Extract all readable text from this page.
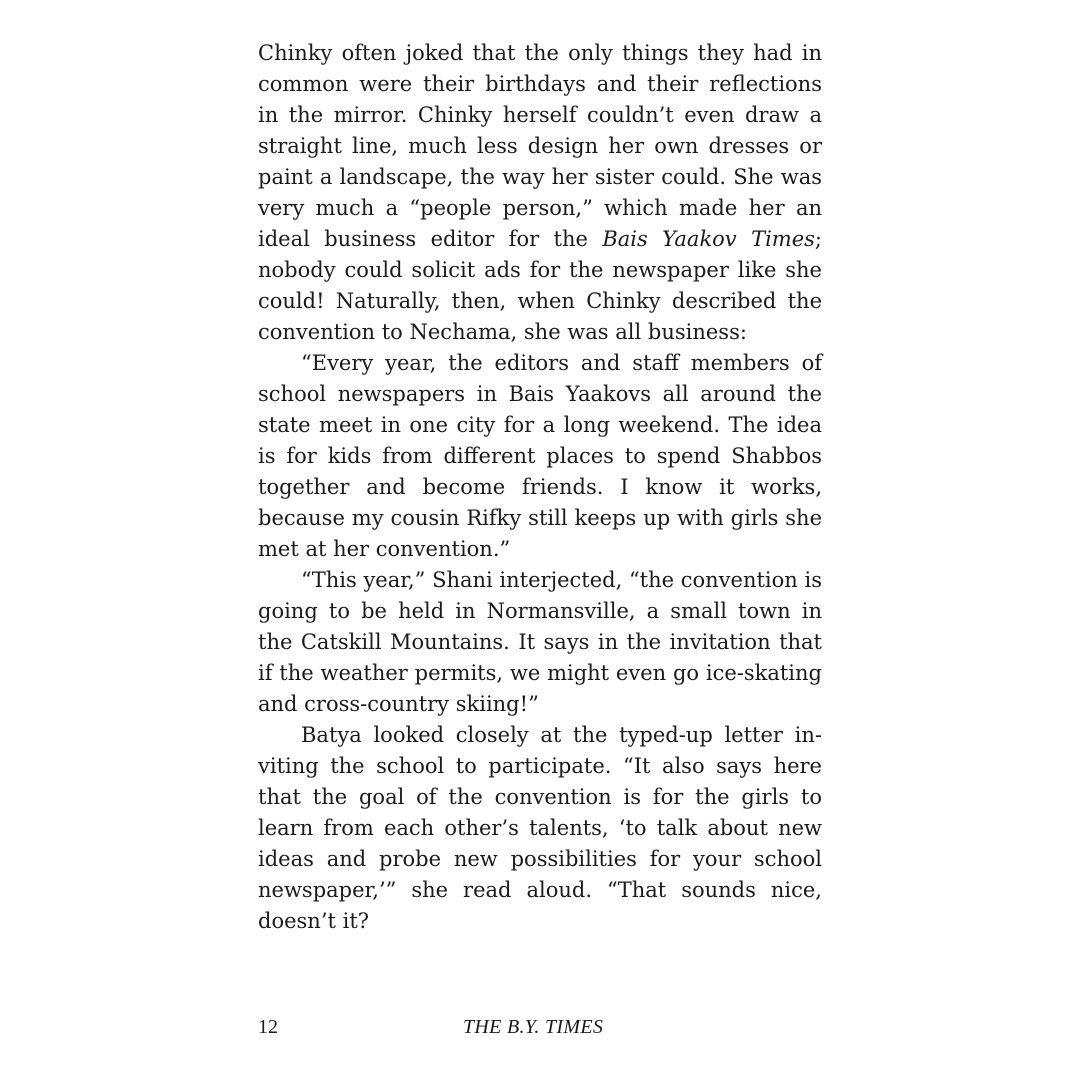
Chinky often joked that the only things they had in common were their birthdays and their reflections in the mirror. Chinky herself couldn’t even draw a straight line, much less design her own dresses or paint a landscape, the way her sister could. She was very much a “people person,” which made her an ideal business editor for the Bais Yaakov Times; nobody could solicit ads for the newspaper like she could! Naturally, then, when Chinky described the convention to Nechama, she was all business:

“Every year, the editors and staff members of school newspapers in Bais Yaakovs all around the state meet in one city for a long weekend. The idea is for kids from different places to spend Shabbos together and become friends. I know it works, because my cousin Rifky still keeps up with girls she met at her convention.”

“This year,” Shani interjected, “the convention is going to be held in Normansville, a small town in the Catskill Mountains. It says in the invitation that if the weather permits, we might even go ice-skating and cross-country skiing!”

Batya looked closely at the typed-up letter inviting the school to participate. “It also says here that the goal of the convention is for the girls to learn from each other’s talents, ‘to talk about new ideas and probe new possibilities for your school newspaper,’” she read aloud. “That sounds nice, doesn’t it?

12	THE B.Y. TIMES
